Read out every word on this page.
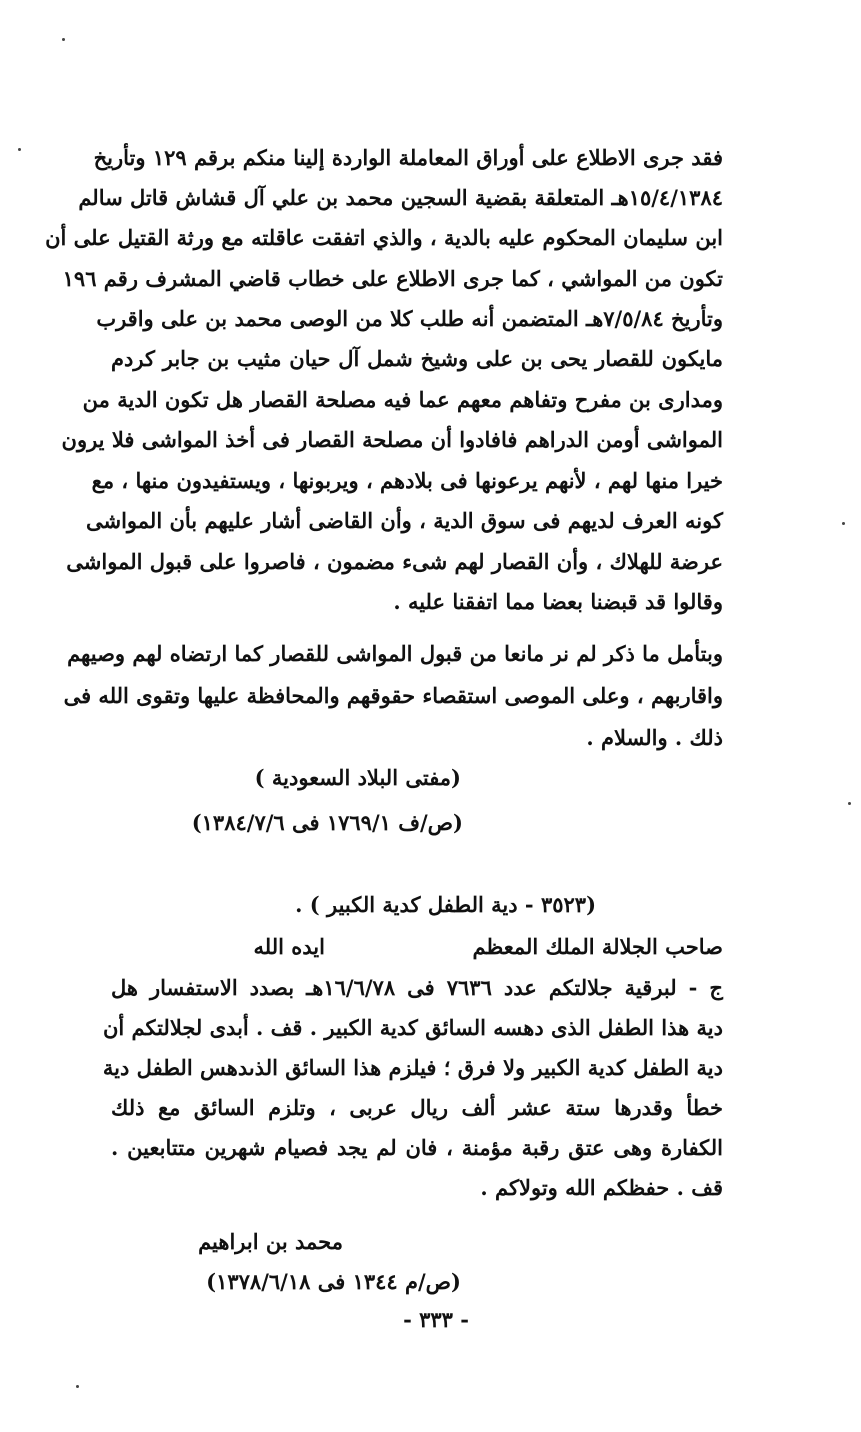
فقد جرى الاطلاع على أوراق المعاملة الواردة إلينا منكم برقم ١٢٩ وتأريخ
١٥/٤/١٣٨٤هـ المتعلقة بقضية السجين محمد بن علي آل قشاش قاتل سالم
ابن سليمان المحكوم عليه بالدية ، والذي اتفقت عاقلته مع ورثة القتيل على أن
تكون من المواشي ، كما جرى الاطلاع على خطاب قاضي المشرف رقم ١٩٦
وتأريخ ٧/٥/٨٤هـ المتضمن أنه طلب كلا من الوصى محمد بن على واقرب
مايكون للقصار يحى بن على وشيخ شمل آل حيان مثيب بن جابر كردم
ومدارى بن مفرح وتفاهم معهم عما فيه مصلحة القصار هل تكون الدية من
المواشى أومن الدراهم فافادوا أن مصلحة القصار فى أخذ المواشى فلا يرون
خيرا منها لهم ، لأنهم يرعونها فى بلادهم ، ويربونها ، ويستفيدون منها ، مع
كونه العرف لديهم فى سوق الدية ، وأن القاضى أشار عليهم بأن المواشى
عرضة للهلاك ، وأن القصار لهم شىء مضمون ، فاصروا على قبول المواشى
وقالوا قد قبضنا بعضا مما اتفقنا عليه .
وبتأمل ما ذكر لم نر مانعا من قبول المواشى للقصار كما ارتضاه لهم وصيهم
واقاربهم ، وعلى الموصى استقصاء حقوقهم والمحافظة عليها وتقوى الله فى
ذلك . والسلام .
(مفتى البلاد السعودية )
(ص/ف ١٧٦٩/١ فى ١٣٨٤/٧/٦)
(٣٥٢٣ - دية الطفل كدية الكبير ) .
صاحب الجلالة الملك المعظم
ايده الله
ج - لبرقية جلالتكم عدد ٧٦٣٦ فى ١٦/٦/٧٨هـ بصدد الاستفسار هل
دية هذا الطفل الذى دهسه السائق كدية الكبير . قف . أبدى لجلالتكم أن
دية الطفل كدية الكبير ولا فرق ؛ فيلزم هذا السائق الذىدهس الطفل دية
خطأ وقدرها ستة عشر ألف ريال عربى ، وتلزم السائق مع ذلك
الكفارة وهى عتق رقبة مؤمنة ، فان لم يجد فصيام شهرين متتابعين .
قف . حفظكم الله وتولاكم .
محمد بن ابراهيم
(ص/م ١٣٤٤ فى ١٣٧٨/٦/١٨)
- ٣٣٣ -
